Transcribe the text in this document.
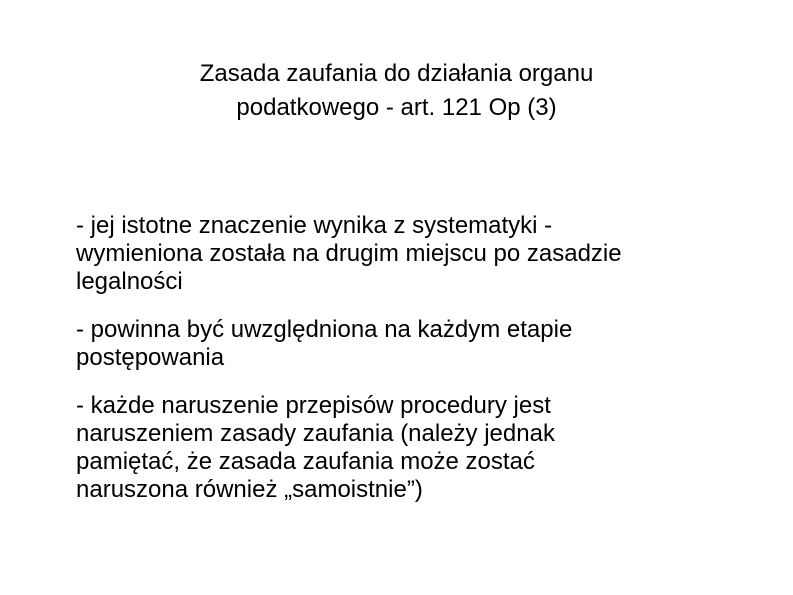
Zasada zaufania do działania organu
podatkowego - art. 121 Op (3)
- jej istotne znaczenie wynika z systematyki -
wymieniona została na drugim miejscu po zasadzie
legalności
- powinna być uwzględniona na każdym etapie
postępowania
- każde naruszenie przepisów procedury jest
naruszeniem zasady zaufania (należy jednak
pamiętać, że zasada zaufania może zostać
naruszona również „samoistnie”)
